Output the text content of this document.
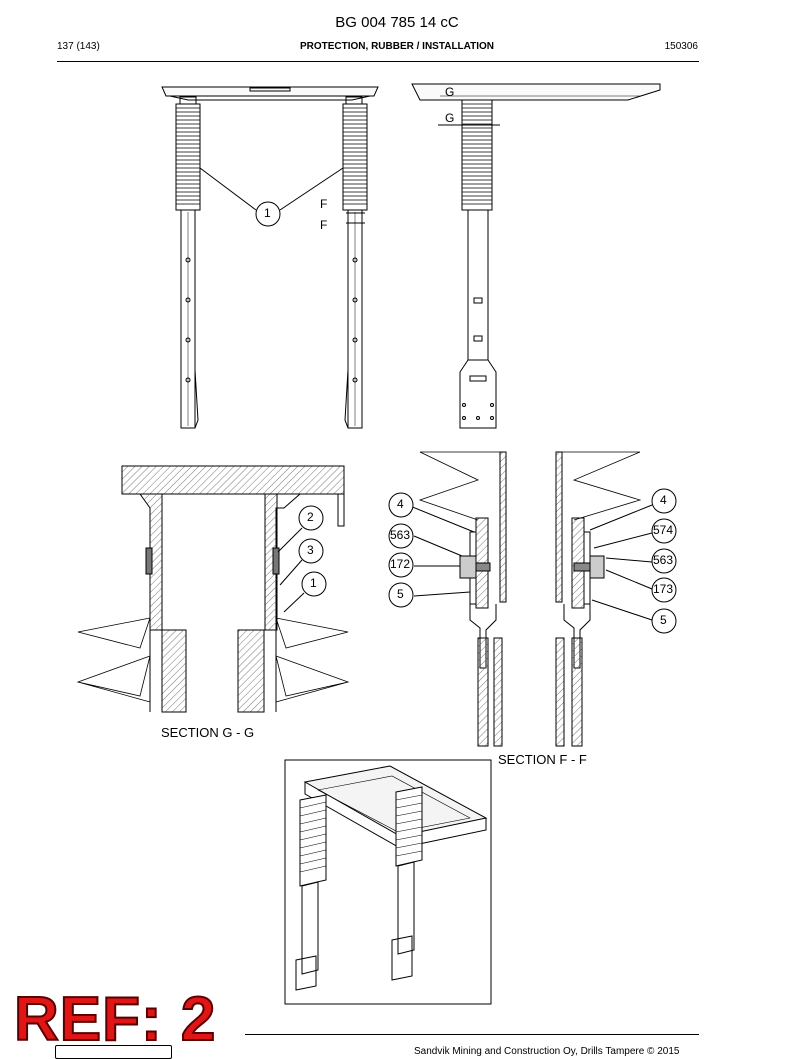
BG 004 785 14 cC
137 (143)	PROTECTION, RUBBER / INSTALLATION	150306
1
F
F
G
G
2
3
1
SECTION G - G
4
563
172
5
4
574
563
173
5
SECTION F - F
REF: 2	Sandvik Mining and Construction Oy, Drills Tampere © 2015
